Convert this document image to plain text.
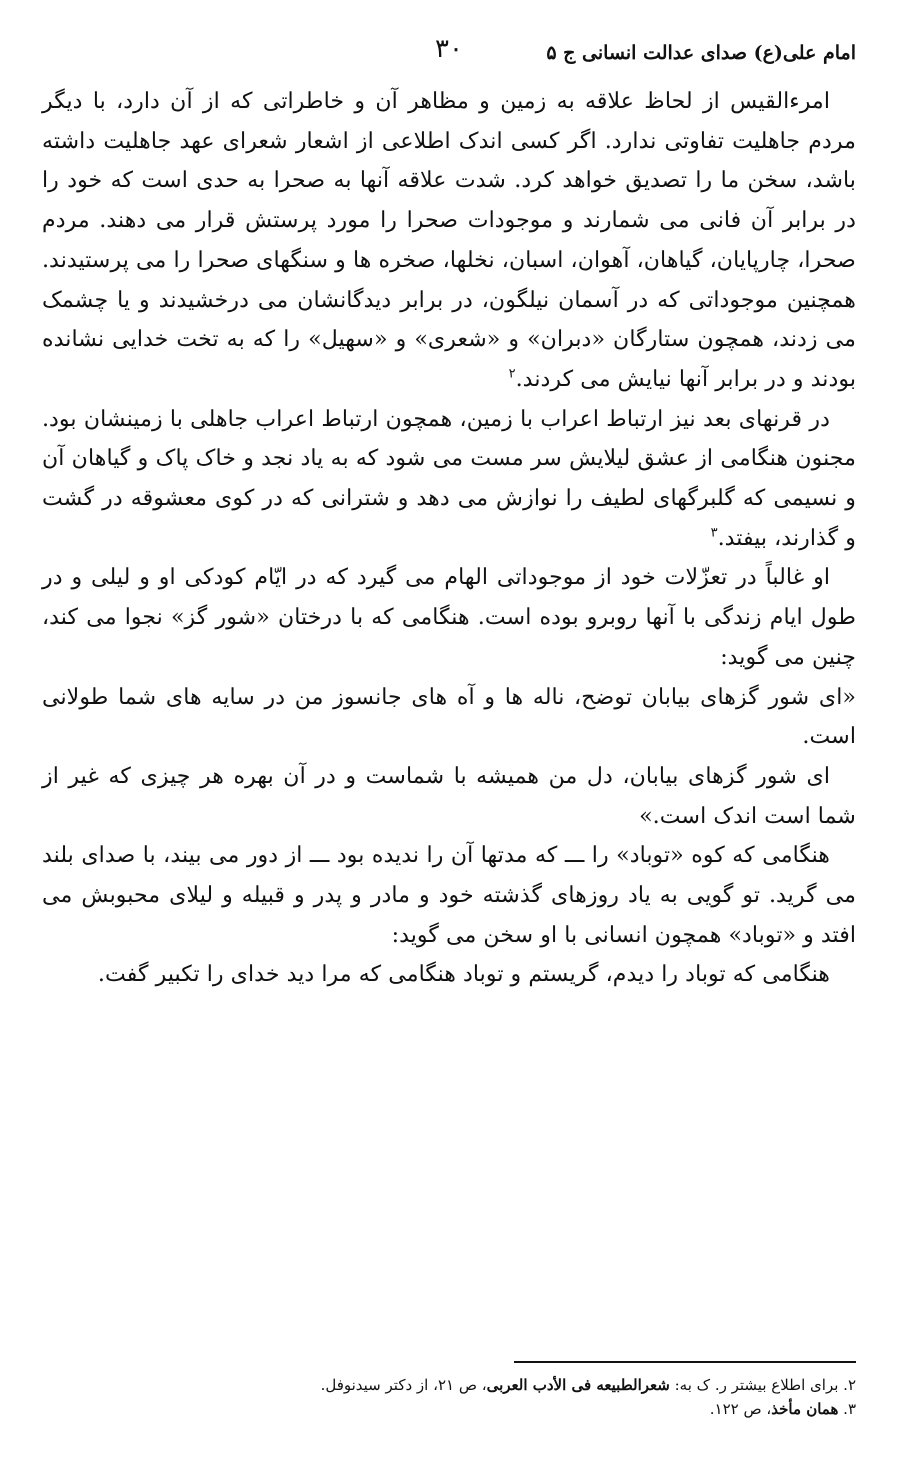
امام علی(ع) صدای عدالت انسانی ج ۵
۳۰

امرءالقیس از لحاظ علاقه به زمین و مظاهر آن و خاطراتی که از آن دارد، با دیگر مردم جاهلیت تفاوتی ندارد. اگر کسی اندک اطلاعی از اشعار شعرای عهد جاهلیت داشته باشد، سخن ما را تصدیق خواهد کرد. شدت علاقه آنها به صحرا به حدی است که خود را در برابر آن فانی می شمارند و موجودات صحرا را مورد پرستش قرار می دهند. مردم صحرا، چارپایان، گیاهان، آهوان، اسبان، نخلها، صخره ها و سنگهای صحرا را می پرستیدند. همچنین موجوداتی که در آسمان نیلگون، در برابر دیدگانشان می درخشیدند و یا چشمک می زدند، همچون ستارگان «دبران» و «شعری» و «سهیل» را که به تخت خدایی نشانده بودند و در برابر آنها نیایش می کردند.$^۲$

در قرنهای بعد نیز ارتباط اعراب با زمین، همچون ارتباط اعراب جاهلی با زمینشان بود. مجنون هنگامی از عشق لیلایش سر مست می شود که به یاد نجد و خاک پاک و گیاهان آن و نسیمی که گلبرگهای لطیف را نوازش می دهد و شترانی که در کوی معشوقه در گشت و گذارند، بیفتد.$^۳$

او غالباً در تعزّلات خود از موجوداتی الهام می گیرد که در ایّام کودکی او و لیلی و در طول ایام زندگی با آنها روبرو بوده است. هنگامی که با درختان «شور گز» نجوا می کند، چنین می گوید:

«ای شور گزهای بیابان توضح، ناله ها و آه های جانسوز من در سایه های شما طولانی است.

ای شور گزهای بیابان، دل من همیشه با شماست و در آن بهره هر چیزی که غیر از شما است اندک است.»

هنگامی که کوه «توباد» را ـــ که مدتها آن را ندیده بود ـــ از دور می بیند، با صدای بلند می گرید. تو گویی به یاد روزهای گذشته خود و مادر و پدر و قبیله و لیلای محبوبش می افتد و «توباد» همچون انسانی با او سخن می گوید:

هنگامی که توباد را دیدم، گریستم و توباد هنگامی که مرا دید خدای را تکبیر گفت.

۲. برای اطلاع بیشتر ر. ک به: شعرالطبیعه فی الأدب العربی، ص ۲۱، از دکتر سیدنوفل.
۳. همان مأخذ، ص ۱۲۲.
